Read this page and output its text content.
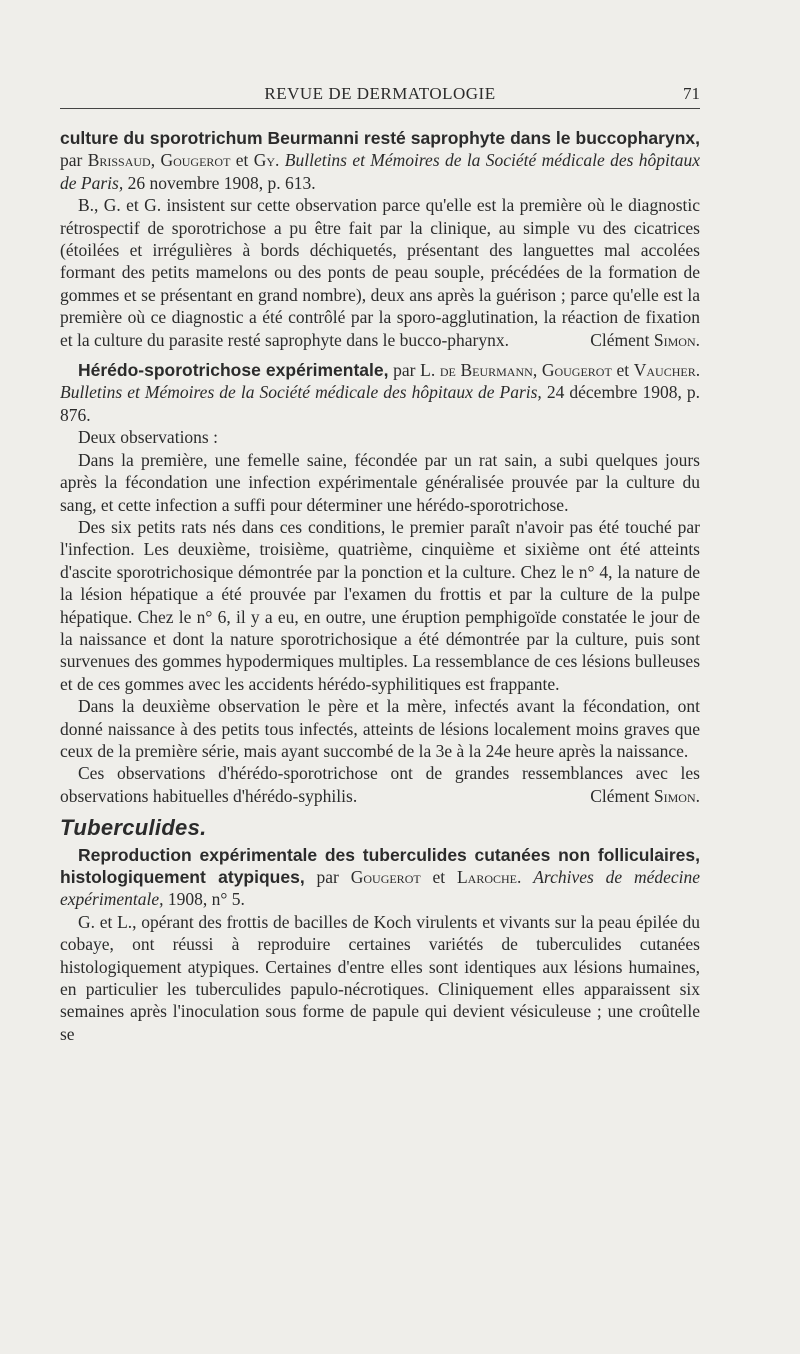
REVUE DE DERMATOLOGIE	71

culture du sporotrichum Beurmanni resté saprophyte dans le buccopharynx, par Brissaud, Gougerot et Gy. Bulletins et Mémoires de la Société médicale des hôpitaux de Paris, 26 novembre 1908, p. 613.

B., G. et G. insistent sur cette observation parce qu'elle est la première où le diagnostic rétrospectif de sporotrichose a pu être fait par la clinique, au simple vu des cicatrices (étoilées et irrégulières à bords déchiquetés, présentant des languettes mal accolées formant des petits mamelons ou des ponts de peau souple, précédées de la formation de gommes et se présentant en grand nombre), deux ans après la guérison ; parce qu'elle est la première où ce diagnostic a été contrôlé par la sporo-agglutination, la réaction de fixation et la culture du parasite resté saprophyte dans le bucco-pharynx.	Clément Simon.

Hérédo-sporotrichose expérimentale, par L. de Beurmann, Gougerot et Vaucher. Bulletins et Mémoires de la Société médicale des hôpitaux de Paris, 24 décembre 1908, p. 876.

Deux observations :

Dans la première, une femelle saine, fécondée par un rat sain, a subi quelques jours après la fécondation une infection expérimentale généralisée prouvée par la culture du sang, et cette infection a suffi pour déterminer une hérédo-sporotrichose.

Des six petits rats nés dans ces conditions, le premier paraît n'avoir pas été touché par l'infection. Les deuxième, troisième, quatrième, cinquième et sixième ont été atteints d'ascite sporotrichosique démontrée par la ponction et la culture. Chez le n° 4, la nature de la lésion hépatique a été prouvée par l'examen du frottis et par la culture de la pulpe hépatique. Chez le n° 6, il y a eu, en outre, une éruption pemphigoïde constatée le jour de la naissance et dont la nature sporotrichosique a été démontrée par la culture, puis sont survenues des gommes hypodermiques multiples. La ressemblance de ces lésions bulleuses et de ces gommes avec les accidents hérédo-syphilitiques est frappante.

Dans la deuxième observation le père et la mère, infectés avant la fécondation, ont donné naissance à des petits tous infectés, atteints de lésions localement moins graves que ceux de la première série, mais ayant succombé de la 3e à la 24e heure après la naissance.

Ces observations d'hérédo-sporotrichose ont de grandes ressemblances avec les observations habituelles d'hérédo-syphilis.	Clément Simon.

Tuberculides.

Reproduction expérimentale des tuberculides cutanées non folliculaires, histologiquement atypiques, par Gougerot et Laroche. Archives de médecine expérimentale, 1908, n° 5.

G. et L., opérant des frottis de bacilles de Koch virulents et vivants sur la peau épilée du cobaye, ont réussi à reproduire certaines variétés de tuberculides cutanées histologiquement atypiques. Certaines d'entre elles sont identiques aux lésions humaines, en particulier les tuberculides papulo-nécrotiques. Cliniquement elles apparaissent six semaines après l'inoculation sous forme de papule qui devient vésiculeuse ; une croûtelle se
